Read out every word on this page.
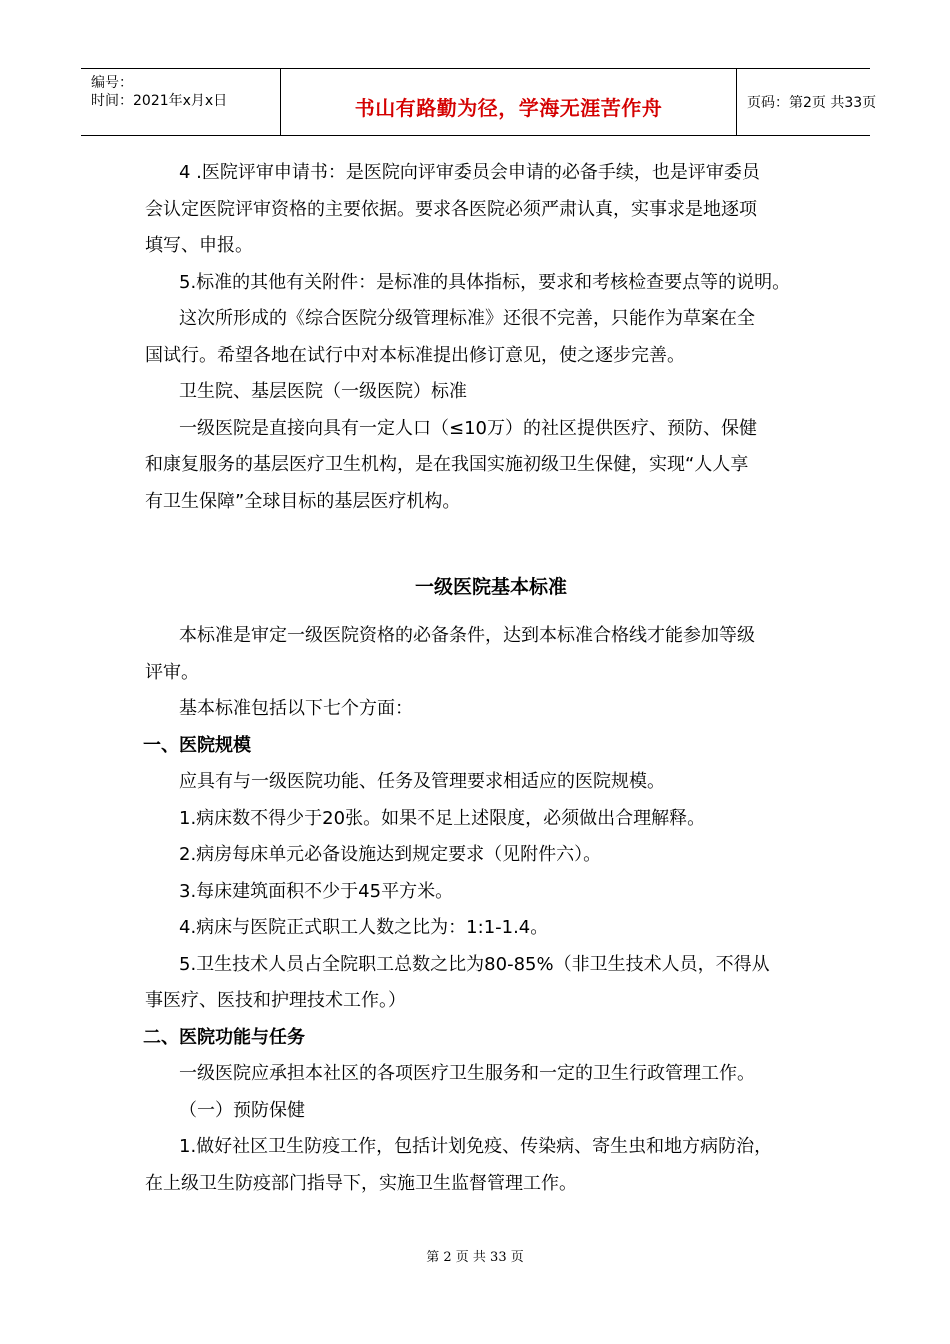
编号：
时间：2021年x月x日	书山有路勤为径，学海无涯苦作舟	页码：第2页 共33页

4 .医院评审申请书：是医院向评审委员会申请的必备手续，也是评审委员

会认定医院评审资格的主要依据。要求各医院必须严肃认真，实事求是地逐项

填写、申报。

5.标准的其他有关附件：是标准的具体指标，要求和考核检查要点等的说明。

这次所形成的《综合医院分级管理标准》还很不完善，只能作为草案在全

国试行。希望各地在试行中对本标准提出修订意见，使之逐步完善。

卫生院、基层医院（一级医院）标准

一级医院是直接向具有一定人口（≤10万）的社区提供医疗、预防、保健

和康复服务的基层医疗卫生机构，是在我国实施初级卫生保健，实现“人人享

有卫生保障”全球目标的基层医疗机构。

一级医院基本标准

本标准是审定一级医院资格的必备条件，达到本标准合格线才能参加等级

评审。

基本标准包括以下七个方面：

一、医院规模

应具有与一级医院功能、任务及管理要求相适应的医院规模。

1.病床数不得少于20张。如果不足上述限度，必须做出合理解释。

2.病房每床单元必备设施达到规定要求（见附件六）。

3.每床建筑面积不少于45平方米。

4.病床与医院正式职工人数之比为：1:1-1.4。

5.卫生技术人员占全院职工总数之比为80-85%（非卫生技术人员，不得从

事医疗、医技和护理技术工作。）

二、医院功能与任务

一级医院应承担本社区的各项医疗卫生服务和一定的卫生行政管理工作。

（一）预防保健

1.做好社区卫生防疫工作，包括计划免疫、传染病、寄生虫和地方病防治，

在上级卫生防疫部门指导下，实施卫生监督管理工作。

第 2 页 共 33 页
